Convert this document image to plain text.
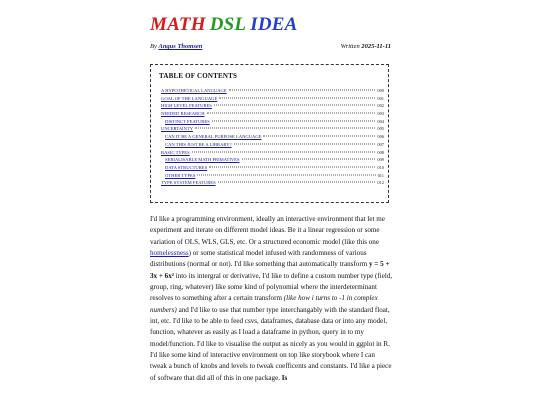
MATH DSL IDEA
By Angus Thomsen	Written 2025-11-11
TABLE OF CONTENTS
A HYPOTHETICAL LANGUAGE	000
GOAL OF THE LANGUAGE	001
HIGH LEVEL FEATURES	002
NEEDED RESEARCH	003
DISTINCT FEATURES	004
UNCERTAINTY	005
CAN IT BE A GENERAL PURPOSE LANGUAGE	006
CAN THIS JUST BE A LIBRARY?	007
BASIC TYPES	008
SERIALISABLE MATH PRIMATIVES	009
DATA STRUCTURES	010
OTHER TYPES	011
TYPE SYSTEM FEATURES	012
I'd like a programming environment, ideally an interactive environment that let me experiment and iterate on different model ideas. Be it a linear regression or some variation of OLS, WLS, GLS, etc. Or a structured economic model (like this one homelessness) or some statistical model infused with randomness of various distributions (normal or not). I'd like something that automatically transform y = 5 + 3x + 6x² into its intergral or derivative, I'd like to define a custom number type (field, group, ring, whatever) like some kind of polynomial where the interdeterminant resolves to something after a certain transform (like how i turns to -1 in complex numbers) and I'd like to use that number type interchangably with the standard float, int, etc. I'd like to be able to feed csvs, dataframes, database data or into any model, function, whatever as easily as I load a dataframe in python, query in to my model/function. I'd like to visualise the output as nicely as you would in ggplot in R. I'd like some kind of interactive environment on top like storybook where I can tweak a bunch of knobs and levels to tweak coefficents and constants. I'd like a piece of software that did all of this in one package. Is
